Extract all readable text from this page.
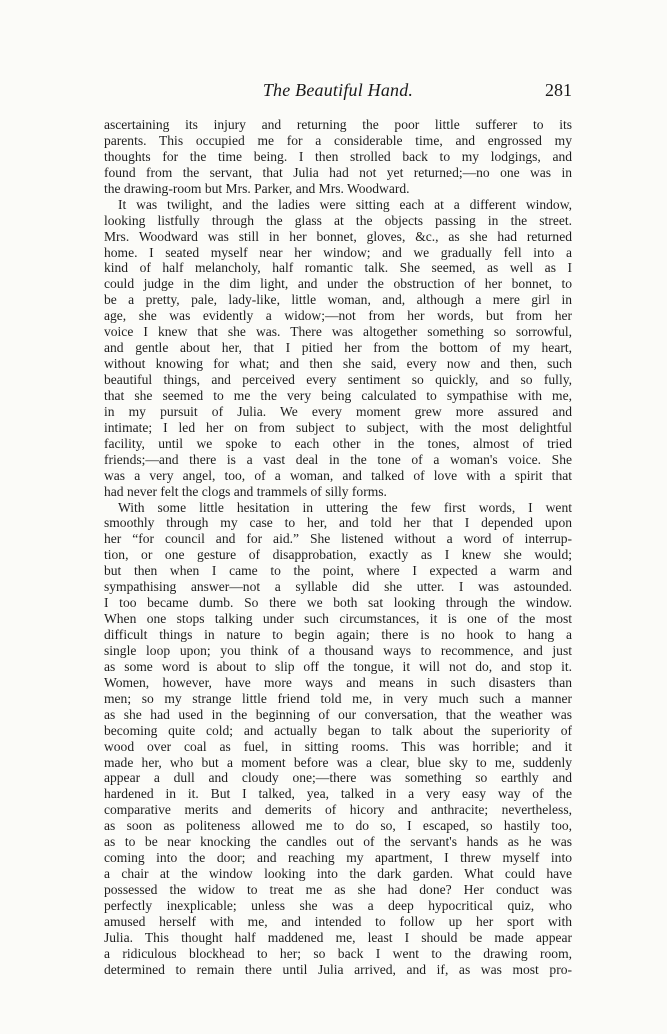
The Beautiful Hand.	281
ascertaining its injury and returning the poor little sufferer to its
parents. This occupied me for a considerable time, and engrossed my
thoughts for the time being. I then strolled back to my lodgings, and
found from the servant, that Julia had not yet returned;—no one was in
the drawing-room but Mrs. Parker, and Mrs. Woodward.
It was twilight, and the ladies were sitting each at a different window,
looking listfully through the glass at the objects passing in the street.
Mrs. Woodward was still in her bonnet, gloves, &c., as she had returned
home. I seated myself near her window; and we gradually fell into a
kind of half melancholy, half romantic talk. She seemed, as well as I
could judge in the dim light, and under the obstruction of her bonnet, to
be a pretty, pale, lady-like, little woman, and, although a mere girl in
age, she was evidently a widow;—not from her words, but from her
voice I knew that she was. There was altogether something so sorrowful,
and gentle about her, that I pitied her from the bottom of my heart,
without knowing for what; and then she said, every now and then, such
beautiful things, and perceived every sentiment so quickly, and so fully,
that she seemed to me the very being calculated to sympathise with me,
in my pursuit of Julia. We every moment grew more assured and
intimate; I led her on from subject to subject, with the most delightful
facility, until we spoke to each other in the tones, almost of tried
friends;—and there is a vast deal in the tone of a woman's voice. She
was a very angel, too, of a woman, and talked of love with a spirit that
had never felt the clogs and trammels of silly forms.
With some little hesitation in uttering the few first words, I went
smoothly through my case to her, and told her that I depended upon
her “for council and for aid.” She listened without a word of interrup-
tion, or one gesture of disapprobation, exactly as I knew she would;
but then when I came to the point, where I expected a warm and
sympathising answer—not a syllable did she utter. I was astounded.
I too became dumb. So there we both sat looking through the window.
When one stops talking under such circumstances, it is one of the most
difficult things in nature to begin again; there is no hook to hang a
single loop upon; you think of a thousand ways to recommence, and just
as some word is about to slip off the tongue, it will not do, and stop it.
Women, however, have more ways and means in such disasters than
men; so my strange little friend told me, in very much such a manner
as she had used in the beginning of our conversation, that the weather was
becoming quite cold; and actually began to talk about the superiority of
wood over coal as fuel, in sitting rooms. This was horrible; and it
made her, who but a moment before was a clear, blue sky to me, suddenly
appear a dull and cloudy one;—there was something so earthly and
hardened in it. But I talked, yea, talked in a very easy way of the
comparative merits and demerits of hicory and anthracite; nevertheless,
as soon as politeness allowed me to do so, I escaped, so hastily too,
as to be near knocking the candles out of the servant's hands as he was
coming into the door; and reaching my apartment, I threw myself into
a chair at the window looking into the dark garden. What could have
possessed the widow to treat me as she had done? Her conduct was
perfectly inexplicable; unless she was a deep hypocritical quiz, who
amused herself with me, and intended to follow up her sport with
Julia. This thought half maddened me, least I should be made appear
a ridiculous blockhead to her; so back I went to the drawing room,
determined to remain there until Julia arrived, and if, as was most pro-
